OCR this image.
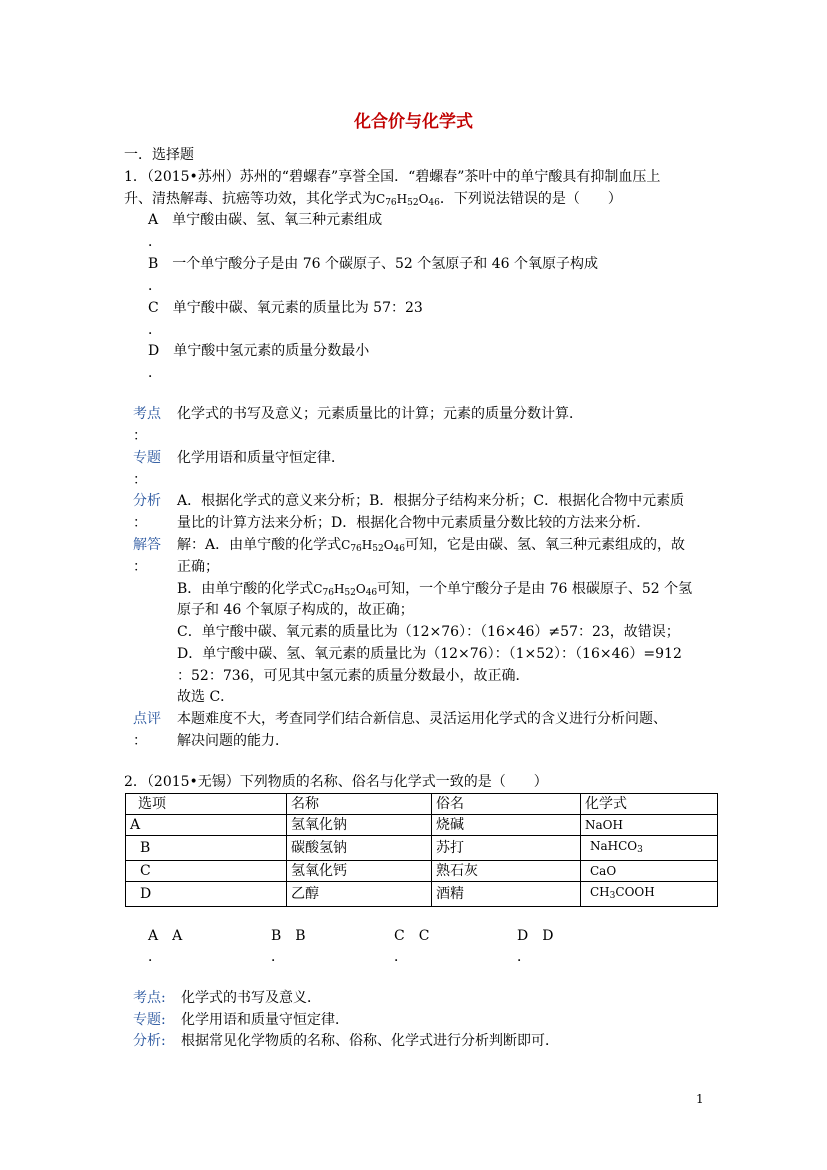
化合价与化学式
一．选择题
1．（2015•苏州）苏州的“碧螺春”享誉全国．“碧螺春”茶叶中的单宁酸具有抑制血压上
升、清热解毒、抗癌等功效，其化学式为$C_{76}H_{52}O_{46}$．下列说法错误的是（　　）
A　 单宁酸由碳、氢、氧三种元素组成
．
B　 一个单宁酸分子是由 76 个碳原子、52 个氢原子和 46 个氧原子构成
．
C　 单宁酸中碳、氧元素的质量比为 57：23
．
D　 单宁酸中氢元素的质量分数最小
．
考点 化学式的书写及意义；元素质量比的计算；元素的质量分数计算．
：
专题 化学用语和质量守恒定律．
：
分析 A．根据化学式的意义来分析；B．根据分子结构来分析；C．根据化合物中元素质
： 量比的计算方法来分析；D．根据化合物中元素质量分数比较的方法来分析．
解答 解：A．由单宁酸的化学式$C_{76}H_{52}O_{46}$可知，它是由碳、氢、氧三种元素组成的，故
： 正确；
B．由单宁酸的化学式$C_{76}H_{52}O_{46}$可知，一个单宁酸分子是由 76 根碳原子、52 个氢
原子和 46 个氧原子构成的，故正确；
C．单宁酸中碳、氧元素的质量比为（12×76）：（16×46）≠57：23，故错误；
D．单宁酸中碳、氢、氧元素的质量比为（12×76）：（1×52）：（16×46）=912
：52：736，可见其中氢元素的质量分数最小，故正确．
故选 C．
点评 本题难度不大，考查同学们结合新信息、灵活运用化学式的含义进行分析问题、
： 解决问题的能力．
2．（2015•无锡）下列物质的名称、俗名与化学式一致的是（　　）
选项	名称	俗名	化学式
A	氢氧化钠	烧碱	NaOH
B	碳酸氢钠	苏打	NaHCO$_3$
C	氢氧化钙	熟石灰	CaO
D	乙醇	酒精	$CH_3COOH$
A　 A	B　 B	C　 C	D　 D
．	．	．	．
考点: 化学式的书写及意义．
专题: 化学用语和质量守恒定律．
分析: 根据常见化学物质的名称、俗称、化学式进行分析判断即可．
1
